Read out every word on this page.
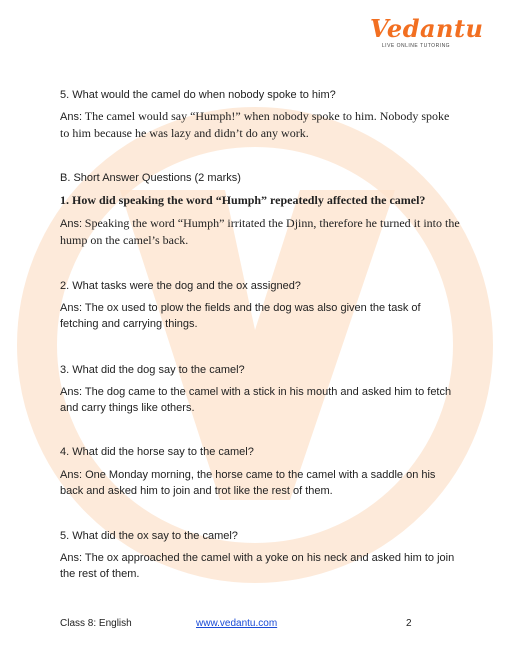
Vedantu
LIVE ONLINE TUTORING
5. What would the camel do when nobody spoke to him?
Ans: The camel would say “Humph!” when nobody spoke to him. Nobody spoke to him because he was lazy and didn’t do any work.
B. Short Answer Questions (2 marks)
1. How did speaking the word “Humph” repeatedly affected the camel?
Ans: Speaking the word “Humph” irritated the Djinn, therefore he turned it into the hump on the camel’s back.
2. What tasks were the dog and the ox assigned?
Ans: The ox used to plow the fields and the dog was also given the task of fetching and carrying things.
3. What did the dog say to the camel?
Ans: The dog came to the camel with a stick in his mouth and asked him to fetch and carry things like others.
4. What did the horse say to the camel?
Ans: One Monday morning, the horse came to the camel with a saddle on his back and asked him to join and trot like the rest of them.
5. What did the ox say to the camel?
Ans: The ox approached the camel with a yoke on his neck and asked him to join the rest of them.
Class 8: English	www.vedantu.com	2
